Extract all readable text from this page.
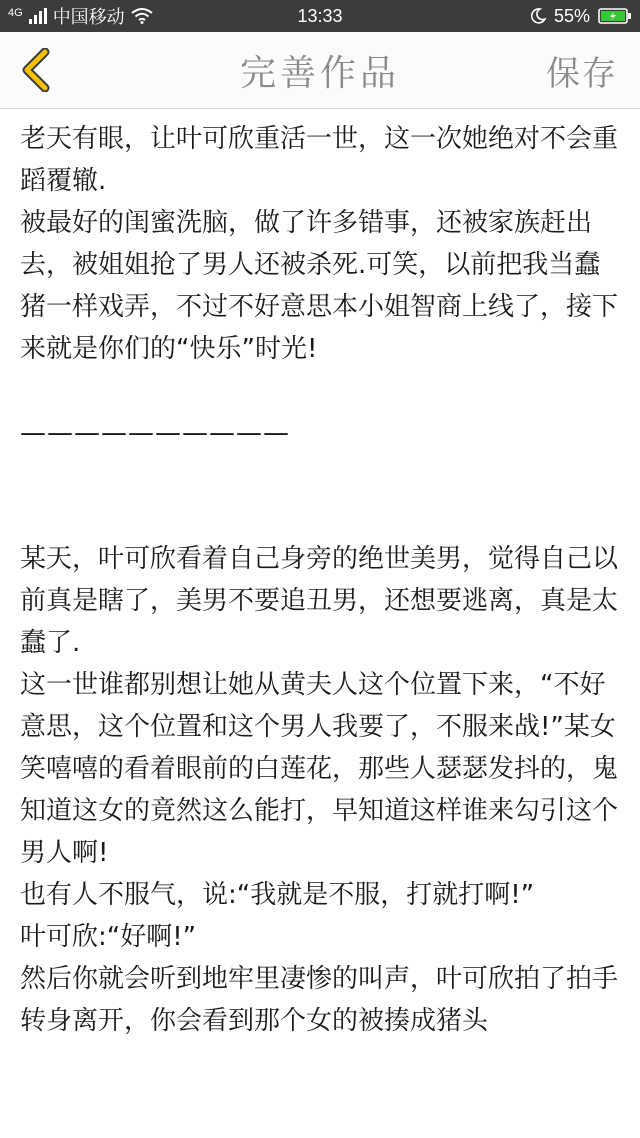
4G 中国移动	13:33	55%
完善作品	保存

老天有眼，让叶可欣重活一世，这一次她绝对不会重蹈覆辙.

被最好的闺蜜洗脑，做了许多错事，还被家族赶出去，被姐姐抢了男人还被杀死.可笑，以前把我当蠢猪一样戏弄，不过不好意思本小姐智商上线了，接下来就是你们的“快乐”时光!

——————————

某天，叶可欣看着自己身旁的绝世美男，觉得自己以前真是瞎了，美男不要追丑男，还想要逃离，真是太蠢了.

这一世谁都别想让她从黄夫人这个位置下来，“不好意思，这个位置和这个男人我要了，不服来战!”某女笑嘻嘻的看着眼前的白莲花，那些人瑟瑟发抖的，鬼知道这女的竟然这么能打，早知道这样谁来勾引这个男人啊!

也有人不服气，说:“我就是不服，打就打啊!”

叶可欣:“好啊!”

然后你就会听到地牢里凄惨的叫声，叶可欣拍了拍手转身离开，你会看到那个女的被揍成猪头
